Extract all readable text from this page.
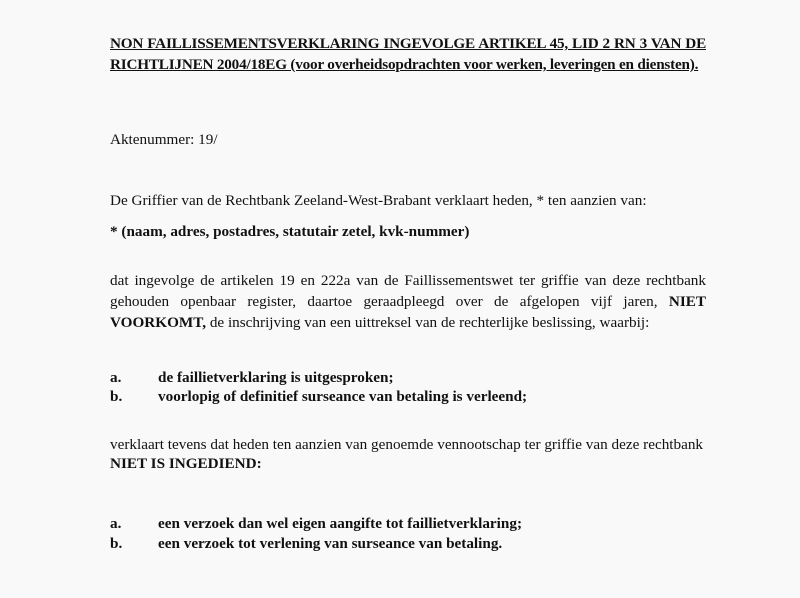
NON FAILLISSEMENTSVERKLARING INGEVOLGE ARTIKEL 45, LID 2 RN 3 VAN DE RICHTLIJNEN 2004/18EG (voor overheidsopdrachten voor werken, leveringen en diensten).
Aktenummer: 19/
De Griffier van de Rechtbank Zeeland-West-Brabant verklaart heden, * ten aanzien van:
* (naam, adres, postadres, statutair zetel, kvk-nummer)
dat ingevolge de artikelen 19 en 222a van de Faillissementswet ter griffie van deze rechtbank gehouden openbaar register, daartoe geraadpleegd over de afgelopen vijf jaren, NIET VOORKOMT, de inschrijving van een uittreksel van de rechterlijke beslissing, waarbij:
a. de faillietverklaring is uitgesproken;
b. voorlopig of definitief surseance van betaling is verleend;
verklaart tevens dat heden ten aanzien van genoemde vennootschap ter griffie van deze rechtbank
NIET IS INGEDIEND:
a. een verzoek dan wel eigen aangifte tot faillietverklaring;
b. een verzoek tot verlening van surseance van betaling.
